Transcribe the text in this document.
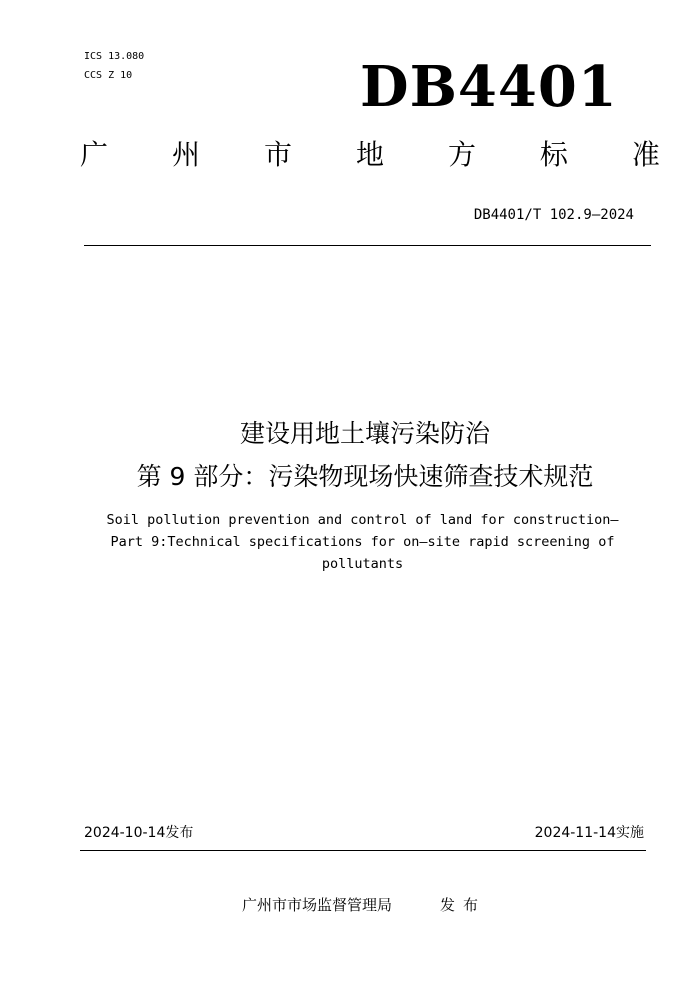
ICS 13.080
CCS Z 10	DB4401
广 州 市 地 方 标 准
DB4401/T 102.9—2024
建设用地土壤污染防治
第 9 部分：污染物现场快速筛查技术规范
Soil pollution prevention and control of land for construction—
Part 9:Technical specifications for on—site rapid screening of
pollutants
2024-10-14发布	2024-11-14实施
广州市市场监督管理局	发布
